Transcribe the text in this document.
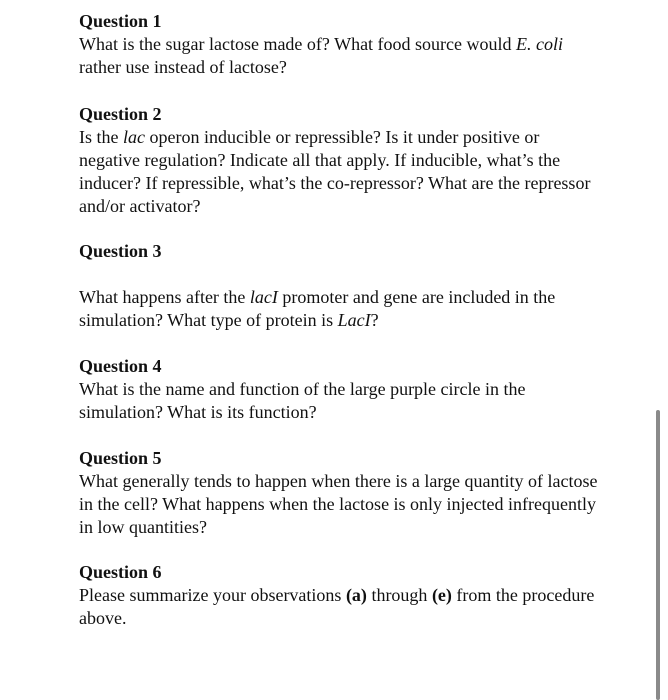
Question 1

What is the sugar lactose made of? What food source would E. coli rather use instead of lactose?

Question 2

Is the lac operon inducible or repressible? Is it under positive or negative regulation? Indicate all that apply. If inducible, what’s the inducer? If repressible, what’s the co-repressor? What are the repressor and/or activator?

Question 3

What happens after the lacI promoter and gene are included in the simulation? What type of protein is LacI?

Question 4

What is the name and function of the large purple circle in the simulation? What is its function?

Question 5

What generally tends to happen when there is a large quantity of lactose in the cell? What happens when the lactose is only injected infrequently in low quantities?

Question 6

Please summarize your observations (a) through (e) from the procedure above.
